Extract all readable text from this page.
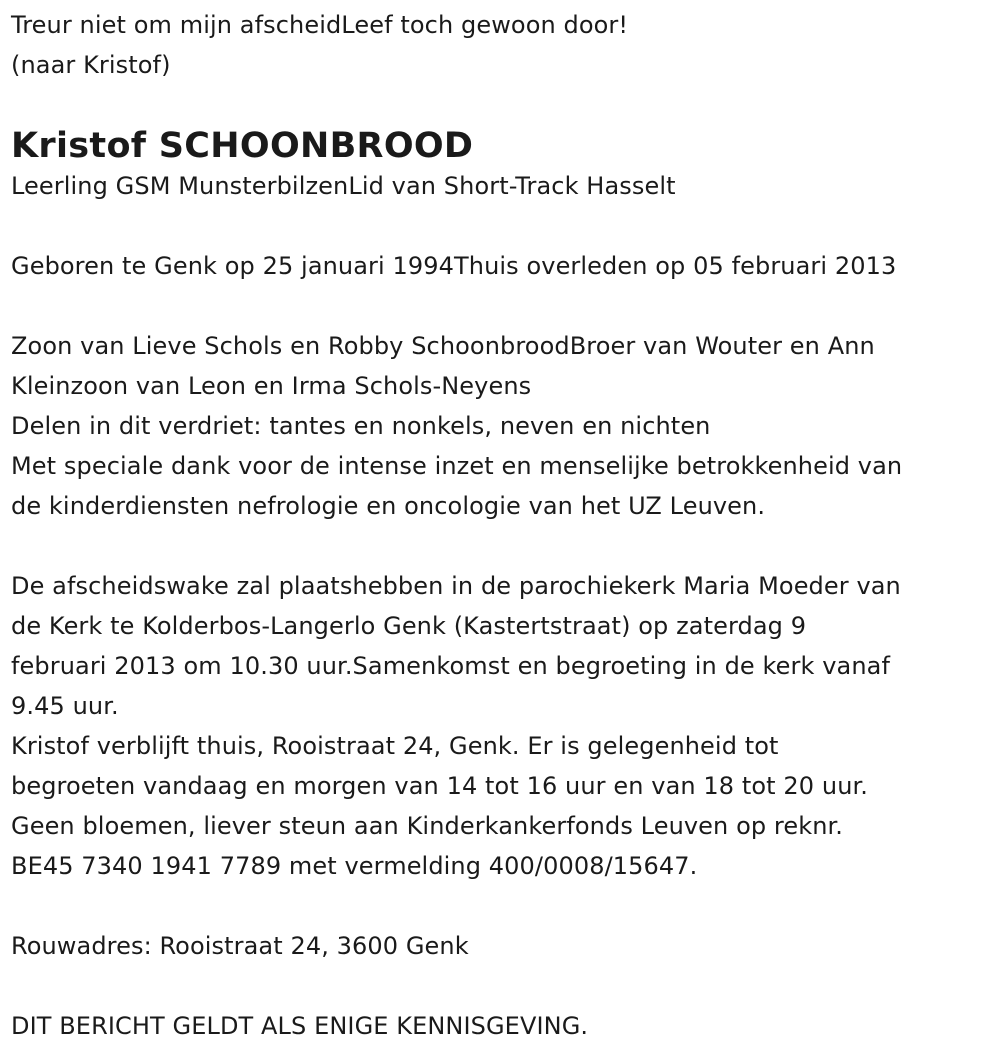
Treur niet om mijn afscheidLeef toch gewoon door!
(naar Kristof)
Kristof SCHOONBROOD
Leerling GSM MunsterbilzenLid van Short-Track Hasselt
Geboren te Genk op 25 januari 1994Thuis overleden op 05 februari 2013
Zoon van Lieve Schols en Robby SchoonbroodBroer van Wouter en Ann
Kleinzoon van Leon en Irma Schols-Neyens
Delen in dit verdriet: tantes en nonkels, neven en nichten
Met speciale dank voor de intense inzet en menselijke betrokkenheid van
de kinderdiensten nefrologie en oncologie van het UZ Leuven.
De afscheidswake zal plaatshebben in de parochiekerk Maria Moeder van
de Kerk te Kolderbos-Langerlo Genk (Kastertstraat) op zaterdag 9
februari 2013 om 10.30 uur.Samenkomst en begroeting in de kerk vanaf
9.45 uur.
Kristof verblijft thuis, Rooistraat 24, Genk. Er is gelegenheid tot
begroeten vandaag en morgen van 14 tot 16 uur en van 18 tot 20 uur.
Geen bloemen, liever steun aan Kinderkankerfonds Leuven op reknr.
BE45 7340 1941 7789 met vermelding 400/0008/15647.
Rouwadres: Rooistraat 24, 3600 Genk
DIT BERICHT GELDT ALS ENIGE KENNISGEVING.
